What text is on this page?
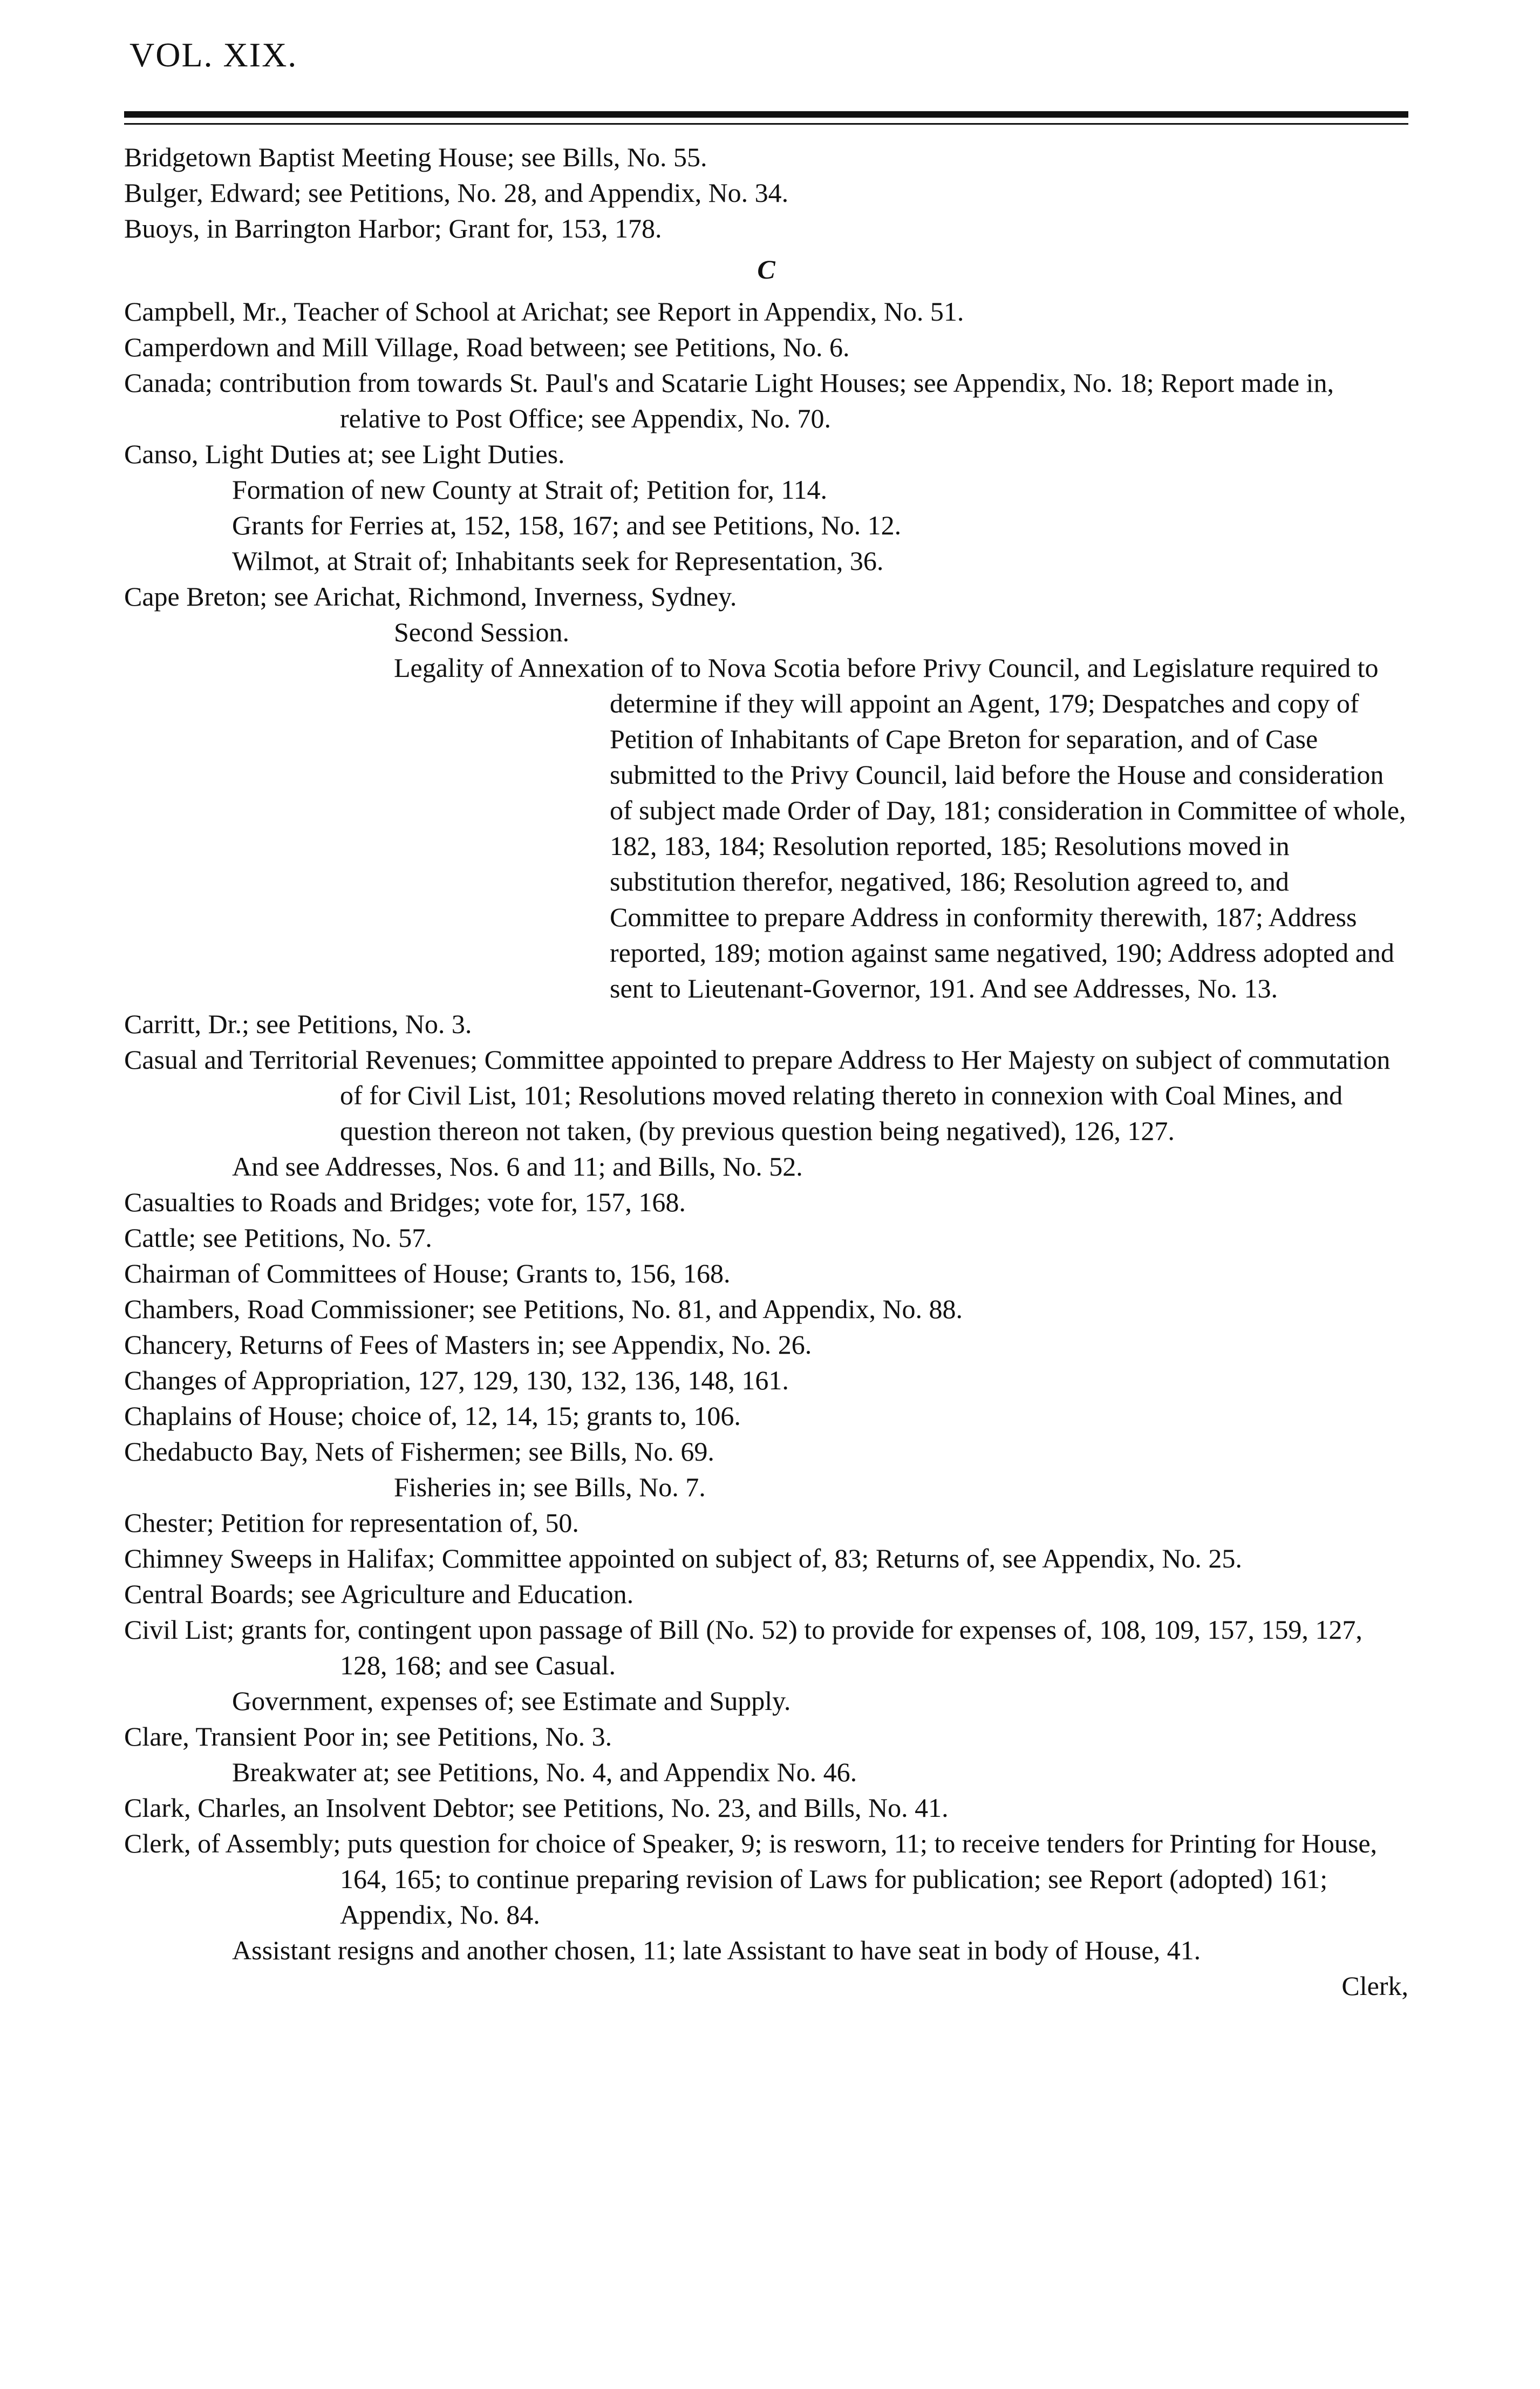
VOL. XIX.

Bridgetown Baptist Meeting House; see Bills, No. 55.

Bulger, Edward; see Petitions, No. 28, and Appendix, No. 34.

Buoys, in Barrington Harbor; Grant for, 153, 178.

C

Campbell, Mr., Teacher of School at Arichat; see Report in Appendix, No. 51.

Camperdown and Mill Village, Road between; see Petitions, No. 6.

Canada; contribution from towards St. Paul's and Scatarie Light Houses; see Appendix, No. 18; Report made in, relative to Post Office; see Appendix, No. 70.

Canso, Light Duties at; see Light Duties.

Formation of new County at Strait of; Petition for, 114.

Grants for Ferries at, 152, 158, 167; and see Petitions, No. 12.

Wilmot, at Strait of; Inhabitants seek for Representation, 36.

Cape Breton; see Arichat, Richmond, Inverness, Sydney.

Second Session.

Legality of Annexation of to Nova Scotia before Privy Council, and Legislature required to determine if they will appoint an Agent, 179; Despatches and copy of Petition of Inhabitants of Cape Breton for separation, and of Case submitted to the Privy Council, laid before the House and consideration of subject made Order of Day, 181; consideration in Committee of whole, 182, 183, 184; Resolution reported, 185; Resolutions moved in substitution therefor, negatived, 186; Resolution agreed to, and Committee to prepare Address in conformity therewith, 187; Address reported, 189; motion against same negatived, 190; Address adopted and sent to Lieutenant-Governor, 191. And see Addresses, No. 13.

Carritt, Dr.; see Petitions, No. 3.

Casual and Territorial Revenues; Committee appointed to prepare Address to Her Majesty on subject of commutation of for Civil List, 101; Resolutions moved relating thereto in connexion with Coal Mines, and question thereon not taken, (by previous question being negatived), 126, 127.

And see Addresses, Nos. 6 and 11; and Bills, No. 52.

Casualties to Roads and Bridges; vote for, 157, 168.

Cattle; see Petitions, No. 57.

Chairman of Committees of House; Grants to, 156, 168.

Chambers, Road Commissioner; see Petitions, No. 81, and Appendix, No. 88.

Chancery, Returns of Fees of Masters in; see Appendix, No. 26.

Changes of Appropriation, 127, 129, 130, 132, 136, 148, 161.

Chaplains of House; choice of, 12, 14, 15; grants to, 106.

Chedabucto Bay, Nets of Fishermen; see Bills, No. 69.

Fisheries in; see Bills, No. 7.

Chester; Petition for representation of, 50.

Chimney Sweeps in Halifax; Committee appointed on subject of, 83; Returns of, see Appendix, No. 25.

Central Boards; see Agriculture and Education.

Civil List; grants for, contingent upon passage of Bill (No. 52) to provide for expenses of, 108, 109, 157, 159, 127, 128, 168; and see Casual.

Government, expenses of; see Estimate and Supply.

Clare, Transient Poor in; see Petitions, No. 3.

Breakwater at; see Petitions, No. 4, and Appendix No. 46.

Clark, Charles, an Insolvent Debtor; see Petitions, No. 23, and Bills, No. 41.

Clerk, of Assembly; puts question for choice of Speaker, 9; is resworn, 11; to receive tenders for Printing for House, 164, 165; to continue preparing revision of Laws for publication; see Report (adopted) 161; Appendix, No. 84.

Assistant resigns and another chosen, 11; late Assistant to have seat in body of House, 41.

Clerk,
